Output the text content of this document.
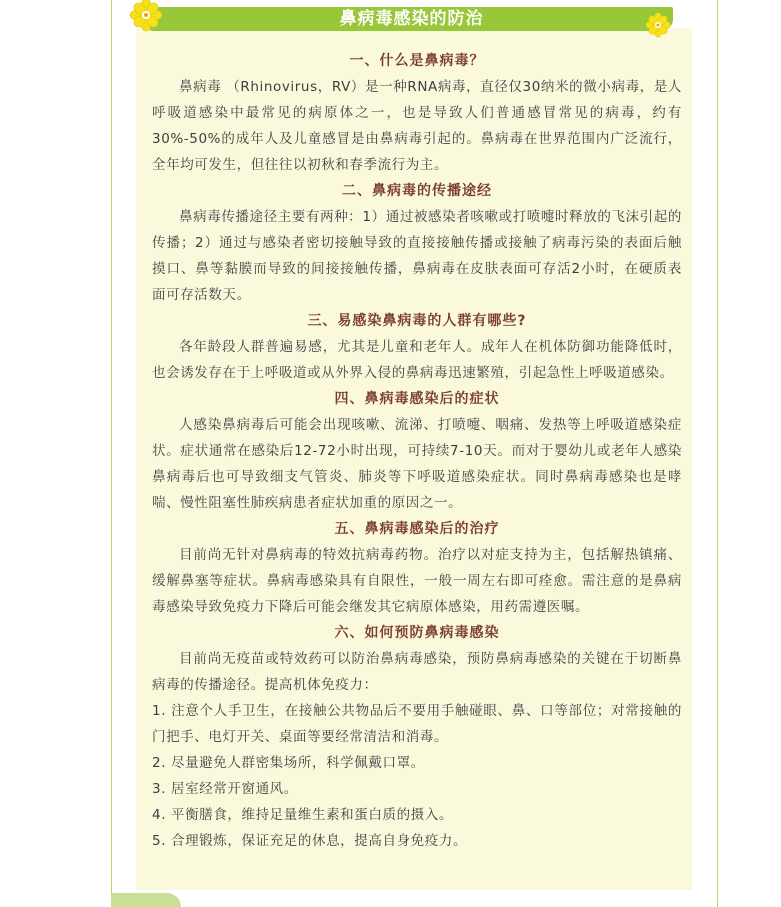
鼻病毒感染的防治
一、什么是鼻病毒？

鼻病毒 （Rhinovirus，RV）是一种RNA病毒，直径仅30纳米的微小病毒，是人呼吸道感染中最常见的病原体之一，也是导致人们普通感冒常见的病毒，约有30%-50%的成年人及儿童感冒是由鼻病毒引起的。鼻病毒在世界范围内广泛流行，全年均可发生，但往往以初秋和春季流行为主。

二、鼻病毒的传播途经

鼻病毒传播途径主要有两种：1）通过被感染者咳嗽或打喷嚏时释放的飞沫引起的传播；2）通过与感染者密切接触导致的直接接触传播或接触了病毒污染的表面后触摸口、鼻等黏膜而导致的间接接触传播，鼻病毒在皮肤表面可存活2小时，在硬质表面可存活数天。

三、易感染鼻病毒的人群有哪些?

各年龄段人群普遍易感，尤其是儿童和老年人。成年人在机体防御功能降低时，也会诱发存在于上呼吸道或从外界入侵的鼻病毒迅速繁殖，引起急性上呼吸道感染。

四、鼻病毒感染后的症状

人感染鼻病毒后可能会出现咳嗽、流涕、打喷嚏、咽痛、发热等上呼吸道感染症状。症状通常在感染后12-72小时出现，可持续7-10天。而对于婴幼儿或老年人感染鼻病毒后也可导致细支气管炎、肺炎等下呼吸道感染症状。同时鼻病毒感染也是哮喘、慢性阻塞性肺疾病患者症状加重的原因之一。

五、鼻病毒感染后的治疗

目前尚无针对鼻病毒的特效抗病毒药物。治疗以对症支持为主，包括解热镇痛、缓解鼻塞等症状。鼻病毒感染具有自限性，一般一周左右即可痊愈。需注意的是鼻病毒感染导致免疫力下降后可能会继发其它病原体感染，用药需遵医嘱。

六、如何预防鼻病毒感染

目前尚无疫苗或特效药可以防治鼻病毒感染，预防鼻病毒感染的关键在于切断鼻病毒的传播途径。提高机体免疫力：

1. 注意个人手卫生，在接触公共物品后不要用手触碰眼、鼻、口等部位；对常接触的门把手、电灯开关、桌面等要经常清洁和消毒。

2. 尽量避免人群密集场所，科学佩戴口罩。

3. 居室经常开窗通风。

4. 平衡膳食，维持足量维生素和蛋白质的摄入。

5. 合理锻炼，保证充足的休息，提高自身免疫力。
